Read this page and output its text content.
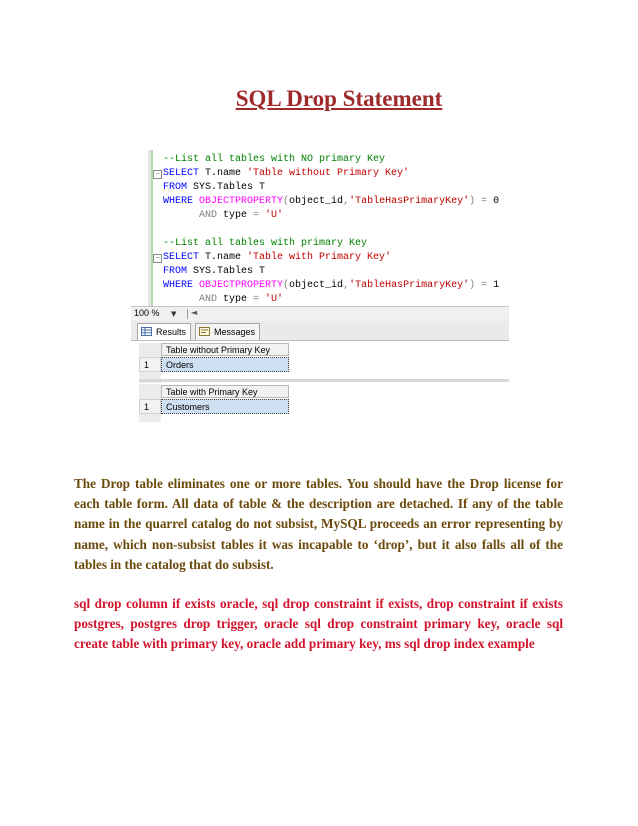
SQL Drop Statement
--List all tables with NO primary Key
SELECT T.name 'Table without Primary Key'
−
FROM SYS.Tables T
WHERE OBJECTPROPERTY(object_id,'TableHasPrimaryKey') = 0
AND type = 'U'
--List all tables with primary Key
SELECT T.name 'Table with Primary Key'
−
FROM SYS.Tables T
WHERE OBJECTPROPERTY(object_id,'TableHasPrimaryKey') = 1
AND type = 'U'
100 % ▼ ◄
Results	Messages
Table without Primary Key
1	Orders
Table with Primary Key
1	Customers

The Drop table eliminates one or more tables. You should have the Drop license for each table form. All data of table & the description are detached. If any of the table name in the quarrel catalog do not subsist, MySQL proceeds an error representing by name, which non-subsist tables it was incapable to ‘drop’, but it also falls all of the tables in the catalog that do subsist.

sql drop column if exists oracle, sql drop constraint if exists, drop constraint if exists postgres, postgres drop trigger, oracle sql drop constraint primary key, oracle sql create table with primary key, oracle add primary key, ms sql drop index example
